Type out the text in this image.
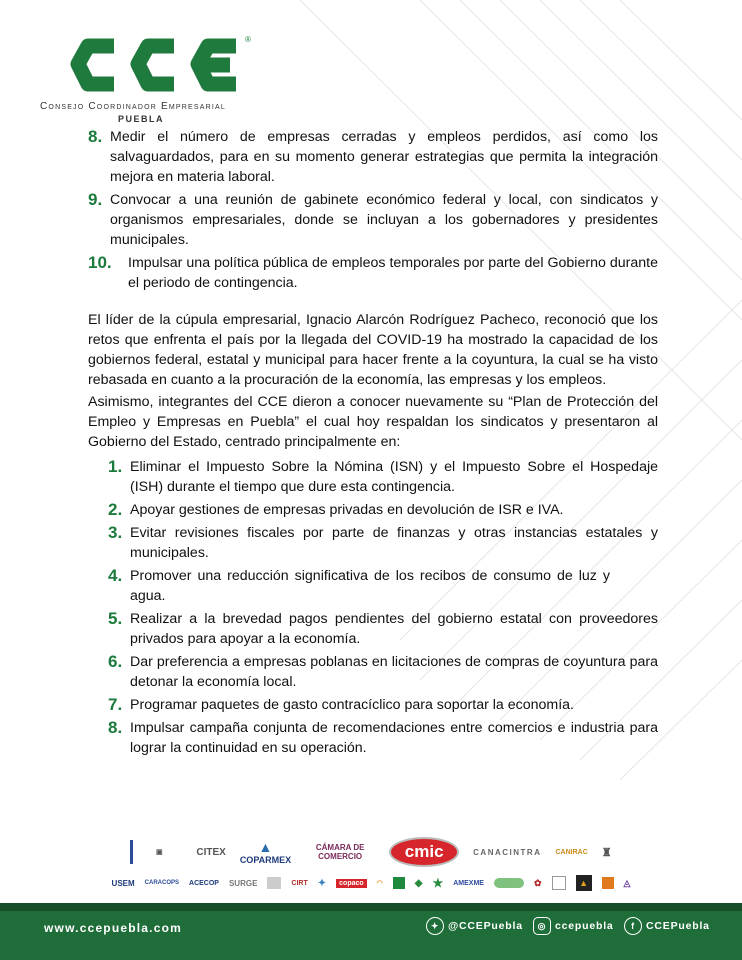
®
Consejo Coordinador Empresarial
PUEBLA
8. Medir el número de empresas cerradas y empleos perdidos, así como los salvaguardados, para en su momento generar estrategias que permita la integración mejora en materia laboral.
9. Convocar a una reunión de gabinete económico federal y local, con sindicatos y organismos empresariales, donde se incluyan a los gobernadores y presidentes municipales.
10.	Impulsar una política pública de empleos temporales por parte del Gobierno durante el periodo de contingencia.

El líder de la cúpula empresarial, Ignacio Alarcón Rodríguez Pacheco, reconoció que los retos que enfrenta el país por la llegada del COVID-19 ha mostrado la capacidad de los gobiernos federal, estatal y municipal para hacer frente a la coyuntura, la cual se ha visto rebasada en cuanto a la procuración de la economía, las empresas y los empleos.

Asimismo, integrantes del CCE dieron a conocer nuevamente su “Plan de Protección del Empleo y Empresas en Puebla” el cual hoy respaldan los sindicatos y presentaron al Gobierno del Estado, centrado principalmente en:

1. Eliminar el Impuesto Sobre la Nómina (ISN) y el Impuesto Sobre el Hospedaje (ISH) durante el tiempo que dure esta contingencia.
2. Apoyar gestiones de empresas privadas en devolución de ISR e IVA.
3. Evitar revisiones fiscales por parte de finanzas y otras instancias estatales y municipales.
4. Promover una reducción significativa de los recibos de consumo de luz y agua.
5. Realizar a la brevedad pagos pendientes del gobierno estatal con proveedores privados para apoyar a la economía.
6. Dar preferencia a empresas poblanas en licitaciones de compras de coyuntura para detonar la economía local.
7. Programar paquetes de gasto contracíclico para soportar la economía.
8. Impulsar campaña conjunta de recomendaciones entre comercios e industria para lograr la continuidad en su operación.
▣	CITEX ▲
COPARMEX
CÁMARA DE COMERCIO	cmic	CANACINTRA CANIRAC ♜
USEM CARACOPS ACECOP SURGE	CIRT ✦	copaco	◠	◆ ★ AMEXME	✿	▲	◬
www.ccepuebla.com	✦ @CCEPuebla	◎ ccepuebla	f	CCEPuebla
